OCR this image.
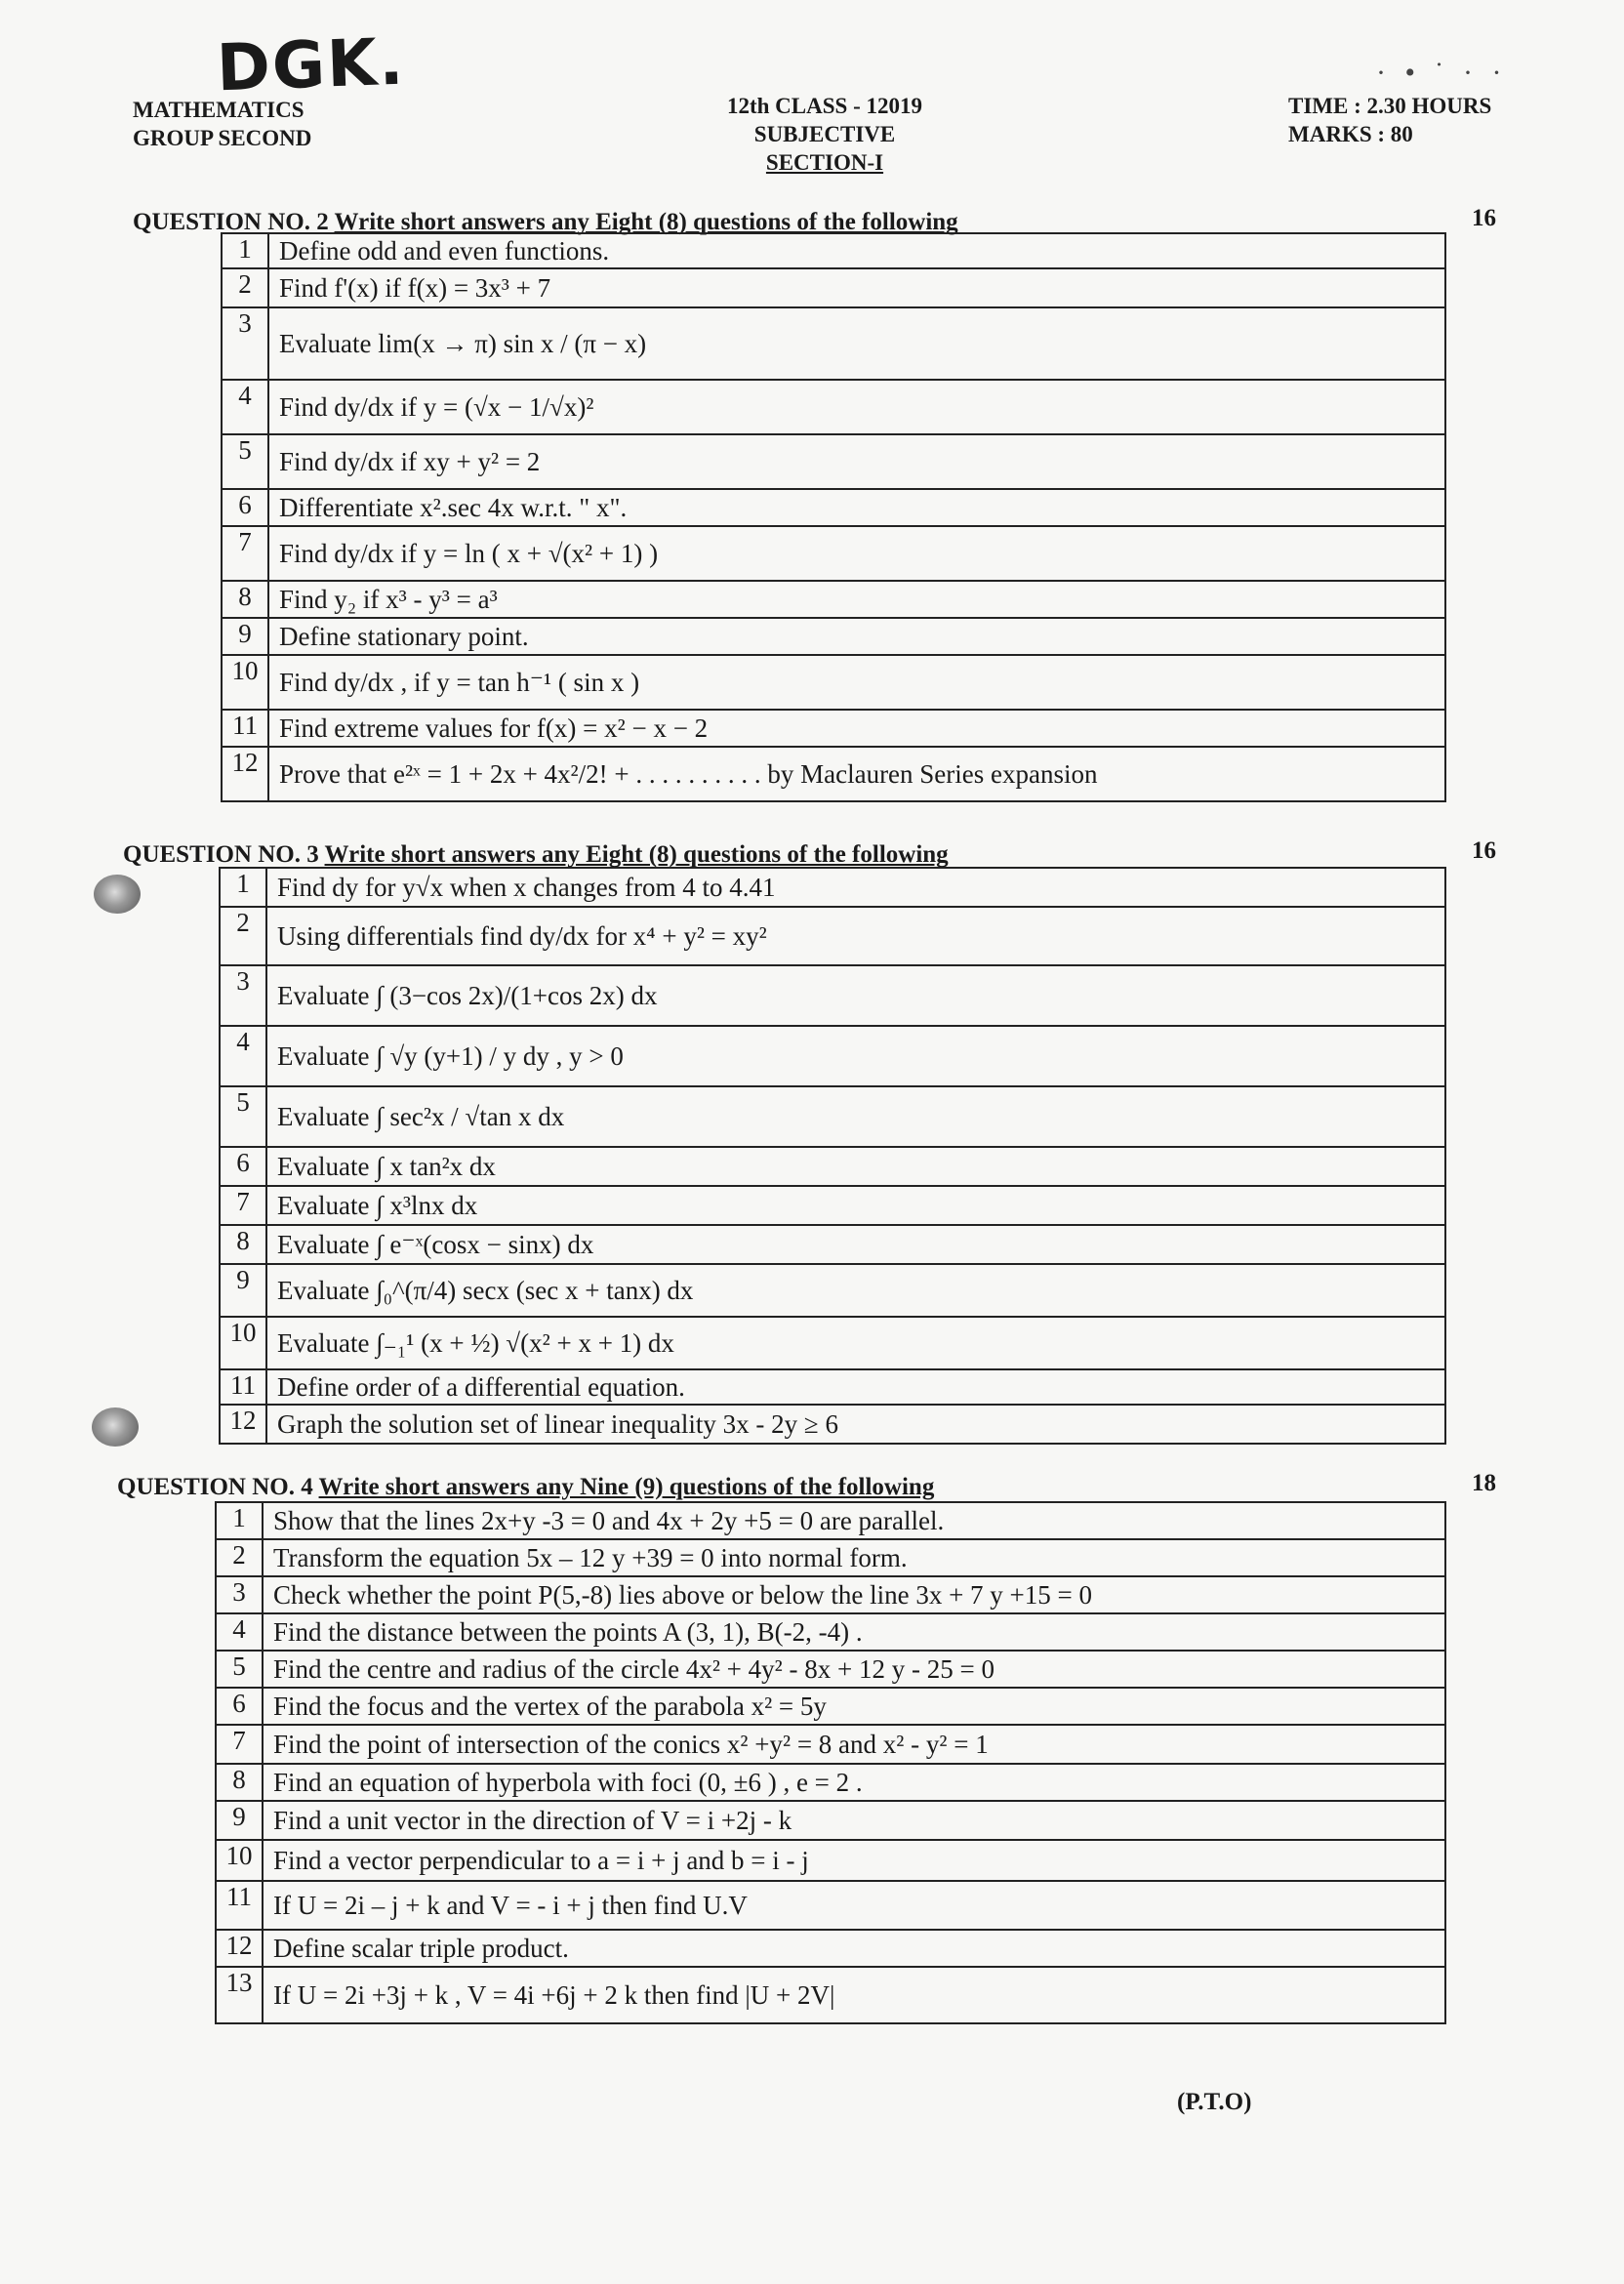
DGK.	· • ˙ · ·
MATHEMATICS
GROUP SECOND
12th CLASS - 12019
SUBJECTIVE
SECTION-I
TIME : 2.30 HOURS
MARKS : 80
QUESTION NO. 2 Write short answers any Eight (8) questions of the following	16
1	Define odd and even functions.
2	Find f'(x) if f(x) = 3x³ + 7
3	Evaluate lim(x → π) sin x / (π − x)
4	Find dy/dx if y = (√x − 1/√x)²
5	Find dy/dx if xy + y² = 2
6	Differentiate x².sec 4x w.r.t. " x".
7	Find dy/dx if y = ln ( x + √(x² + 1) )
8	Find y₂ if x³ - y³ = a³
9	Define stationary point.
10	Find dy/dx , if y = tan h⁻¹ ( sin x )
11	Find extreme values for f(x) = x² − x − 2
12	Prove that e²ˣ = 1 + 2x + 4x²/2! + . . . . . . . . . . by Maclauren Series expansion
QUESTION NO. 3 Write short answers any Eight (8) questions of the following	16
1	Find dy for y√x when x changes from 4 to 4.41
2	Using differentials find dy/dx for x⁴ + y² = xy²
3	Evaluate ∫ (3−cos 2x)/(1+cos 2x) dx
4	Evaluate ∫ √y (y+1) / y dy , y > 0
5	Evaluate ∫ sec²x / √tan x dx
6	Evaluate ∫ x tan²x dx
7	Evaluate ∫ x³lnx dx
8	Evaluate ∫ e⁻ˣ(cosx − sinx) dx
9	Evaluate ∫₀^(π/4) secx (sec x + tanx) dx
10	Evaluate ∫₋₁¹ (x + ½) √(x² + x + 1) dx
11	Define order of a differential equation.
12	Graph the solution set of linear inequality 3x - 2y ≥ 6
QUESTION NO. 4 Write short answers any Nine (9) questions of the following	18
1	Show that the lines 2x+y -3 = 0 and 4x + 2y +5 = 0 are parallel.
2	Transform the equation 5x – 12 y +39 = 0 into normal form.
3	Check whether the point P(5,-8) lies above or below the line 3x + 7 y +15 = 0
4	Find the distance between the points A (3, 1), B(-2, -4) .
5	Find the centre and radius of the circle 4x² + 4y² - 8x + 12 y - 25 = 0
6	Find the focus and the vertex of the parabola x² = 5y
7	Find the point of intersection of the conics x² +y² = 8 and x² - y² = 1
8	Find an equation of hyperbola with foci (0, ±6 ) , e = 2 .
9	Find a unit vector in the direction of V = i +2j - k
10	Find a vector perpendicular to a = i + j and b = i - j
11	If U = 2i – j + k and V = - i + j then find U.V
12	Define scalar triple product.
13	If U = 2i +3j + k , V = 4i +6j + 2 k then find |U + 2V|
(P.T.O)
